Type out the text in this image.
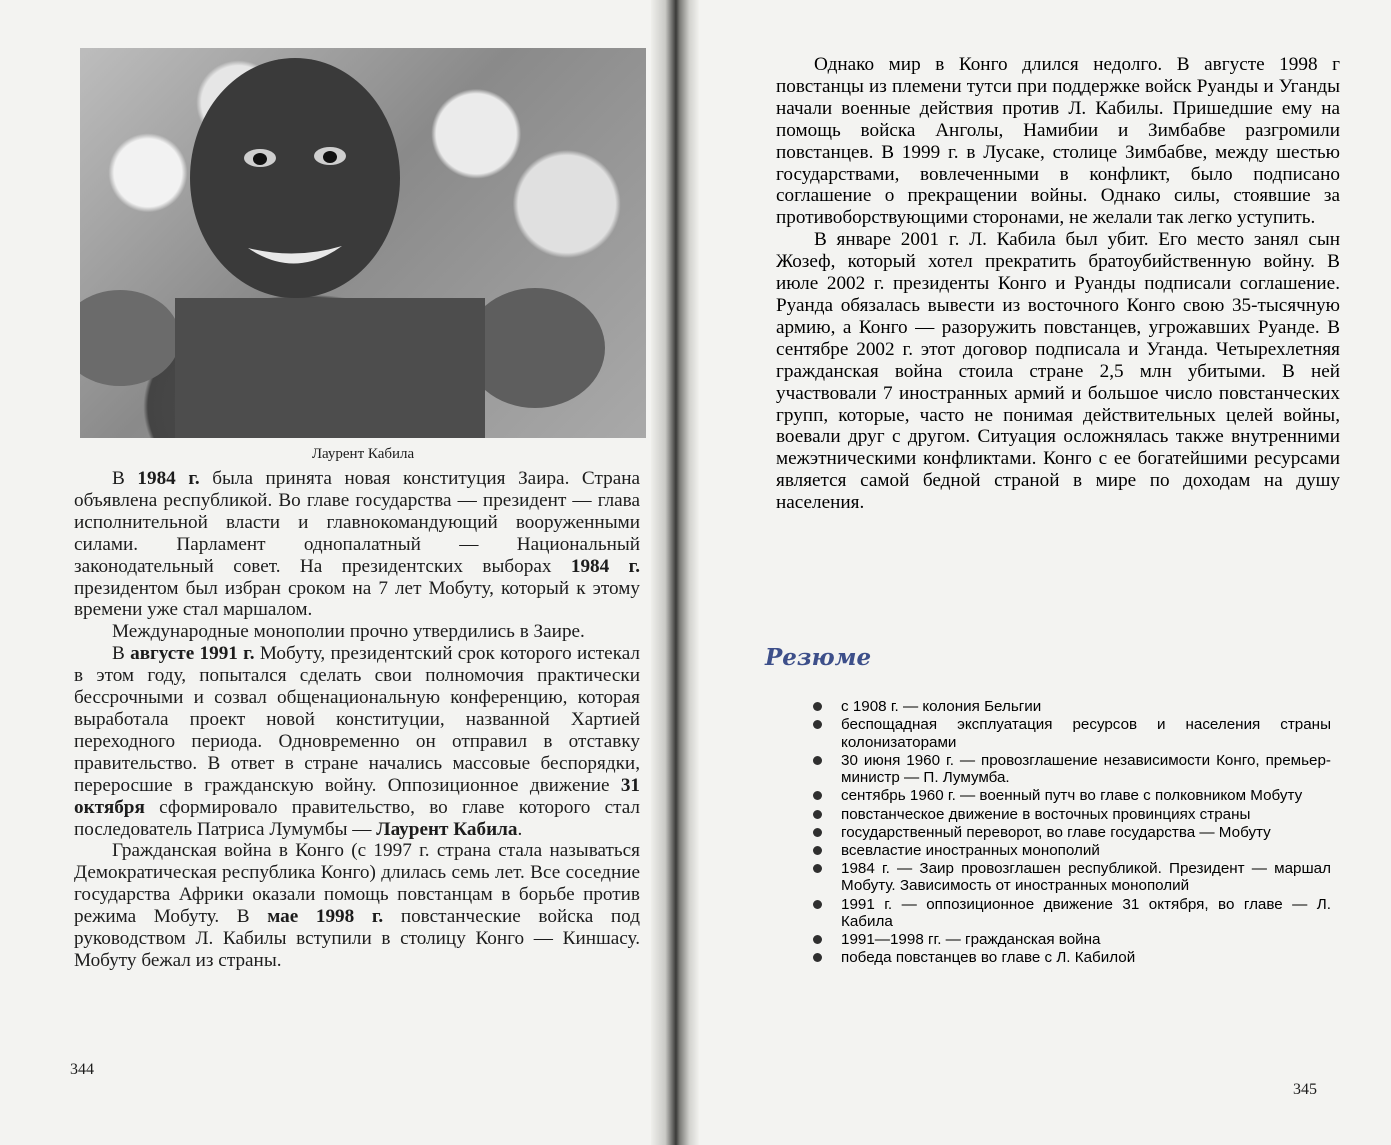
Лаурент Кабила

В 1984 г. была принята новая конституция Заира. Страна объявлена республикой. Во главе государства — президент — глава исполнительной власти и главнокомандующий вооруженными силами. Парламент однопалатный — Национальный законодательный совет. На президентских выборах 1984 г. президентом был избран сроком на 7 лет Мобуту, который к этому времени уже стал маршалом.

Международные монополии прочно утвердились в Заире.

В августе 1991 г. Мобуту, президентский срок которого истекал в этом году, попытался сделать свои полномочия практически бессрочными и созвал общенациональную конференцию, которая выработала проект новой конституции, названной Хартией переходного периода. Одновременно он отправил в отставку правительство. В ответ в стране начались массовые беспорядки, переросшие в гражданскую войну. Оппозиционное движение 31 октября сформировало правительство, во главе которого стал последователь Патриса Лумумбы — Лаурент Кабила.

Гражданская война в Конго (с 1997 г. страна стала называться Демократическая республика Конго) длилась семь лет. Все соседние государства Африки оказали помощь повстанцам в борьбе против режима Мобуту. В мае 1998 г. повстанческие войска под руководством Л. Кабилы вступили в столицу Конго — Киншасу. Мобуту бежал из страны.

344
345

Однако мир в Конго длился недолго. В августе 1998 г повстанцы из племени тутси при поддержке войск Руанды и Уганды начали военные действия против Л. Кабилы. Пришедшие ему на помощь войска Анголы, Намибии и Зимбабве разгромили повстанцев. В 1999 г. в Лусаке, столице Зимбабве, между шестью государствами, вовлеченными в конфликт, было подписано соглашение о прекращении войны. Однако силы, стоявшие за противоборствующими сторонами, не желали так легко уступить.

В январе 2001 г. Л. Кабила был убит. Его место занял сын Жозеф, который хотел прекратить братоубийственную войну. В июле 2002 г. президенты Конго и Руанды подписали соглашение. Руанда обязалась вывести из восточного Конго свою 35-тысячную армию, а Конго — разоружить повстанцев, угрожавших Руанде. В сентябре 2002 г. этот договор подписала и Уганда. Четырехлетняя гражданская война стоила стране 2,5 млн убитыми. В ней участвовали 7 иностранных армий и большое число повстанческих групп, которые, часто не понимая действительных целей войны, воевали друг с другом. Ситуация осложнялась также внутренними межэтническими конфликтами. Конго с ее богатейшими ресурсами является самой бедной страной в мире по доходам на душу населения.

Резюме
с 1908 г. — колония Бельгии
беспощадная эксплуатация ресурсов и населения страны колонизаторами
30 июня 1960 г. — провозглашение независимости Конго, премьер-министр — П. Лумумба.
сентябрь 1960 г. — военный путч во главе с полковником Мобуту
повстанческое движение в восточных провинциях страны
государственный переворот, во главе государства — Мобуту
всевластие иностранных монополий
1984 г. — Заир провозглашен республикой. Президент — маршал Мобуту. Зависимость от иностранных монополий
1991 г. — оппозиционное движение 31 октября, во главе — Л. Кабила
1991—1998 гг. — гражданская война
победа повстанцев во главе с Л. Кабилой
